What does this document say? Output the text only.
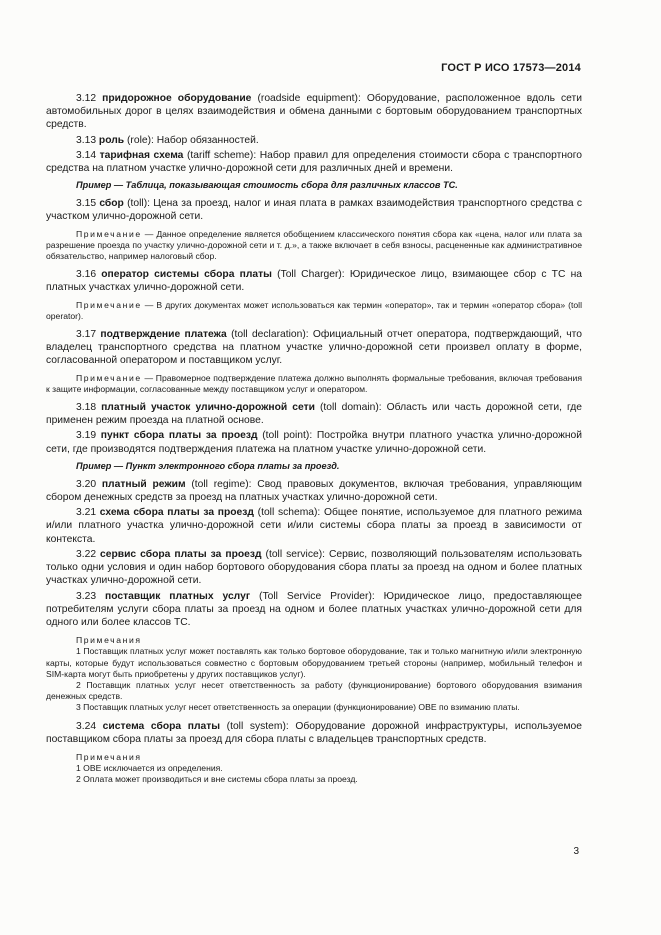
ГОСТ Р ИСО 17573—2014

3.12 придорожное оборудование (roadside equipment): Оборудование, расположенное вдоль сети автомобильных дорог в целях взаимодействия и обмена данными с бортовым оборудованием транспортных средств.

3.13 роль (role): Набор обязанностей.

3.14 тарифная схема (tariff scheme): Набор правил для определения стоимости сбора с транспортного средства на платном участке улично-дорожной сети для различных дней и времени.

Пример — Таблица, показывающая стоимость сбора для различных классов ТС.

3.15 сбор (toll): Цена за проезд, налог и иная плата в рамках взаимодействия транспортного средства с участком улично-дорожной сети.

Примечание — Данное определение является обобщением классического понятия сбора как «цена, налог или плата за разрешение проезда по участку улично-дорожной сети и т. д.», а также включает в себя взносы, расцененные как административное обязательство, например налоговый сбор.

3.16 оператор системы сбора платы (Toll Charger): Юридическое лицо, взимающее сбор с ТС на платных участках улично-дорожной сети.

Примечание — В других документах может использоваться как термин «оператор», так и термин «оператор сбора» (toll operator).

3.17 подтверждение платежа (toll declaration): Официальный отчет оператора, подтверждающий, что владелец транспортного средства на платном участке улично-дорожной сети произвел оплату в форме, согласованной оператором и поставщиком услуг.

Примечание — Правомерное подтверждение платежа должно выполнять формальные требования, включая требования к защите информации, согласованные между поставщиком услуг и оператором.

3.18 платный участок улично-дорожной сети (toll domain): Область или часть дорожной сети, где применен режим проезда на платной основе.

3.19 пункт сбора платы за проезд (toll point): Постройка внутри платного участка улично-дорожной сети, где производятся подтверждения платежа на платном участке улично-дорожной сети.

Пример — Пункт электронного сбора платы за проезд.

3.20 платный режим (toll regime): Свод правовых документов, включая требования, управляющим сбором денежных средств за проезд на платных участках улично-дорожной сети.

3.21 схема сбора платы за проезд (toll schema): Общее понятие, используемое для платного режима и/или платного участка улично-дорожной сети и/или системы сбора платы за проезд в зависимости от контекста.

3.22 сервис сбора платы за проезд (toll service): Сервис, позволяющий пользователям использовать только одни условия и один набор бортового оборудования сбора платы за проезд на одном и более платных участках улично-дорожной сети.

3.23 поставщик платных услуг (Toll Service Provider): Юридическое лицо, предоставляющее потребителям услуги сбора платы за проезд на одном и более платных участках улично-дорожной сети для одного или более классов ТС.

Примечания

1 Поставщик платных услуг может поставлять как только бортовое оборудование, так и только магнитную и/или электронную карты, которые будут использоваться совместно с бортовым оборудованием третьей стороны (например, мобильный телефон и SIM-карта могут быть приобретены у других поставщиков услуг).

2 Поставщик платных услуг несет ответственность за работу (функционирование) бортового оборудования взимания денежных средств.

3 Поставщик платных услуг несет ответственность за операции (функционирование) OBE по взиманию платы.

3.24 система сбора платы (toll system): Оборудование дорожной инфраструктуры, используемое поставщиком сбора платы за проезд для сбора платы с владельцев транспортных средств.

Примечания

1 OBE исключается из определения.

2 Оплата может производиться и вне системы сбора платы за проезд.

3
